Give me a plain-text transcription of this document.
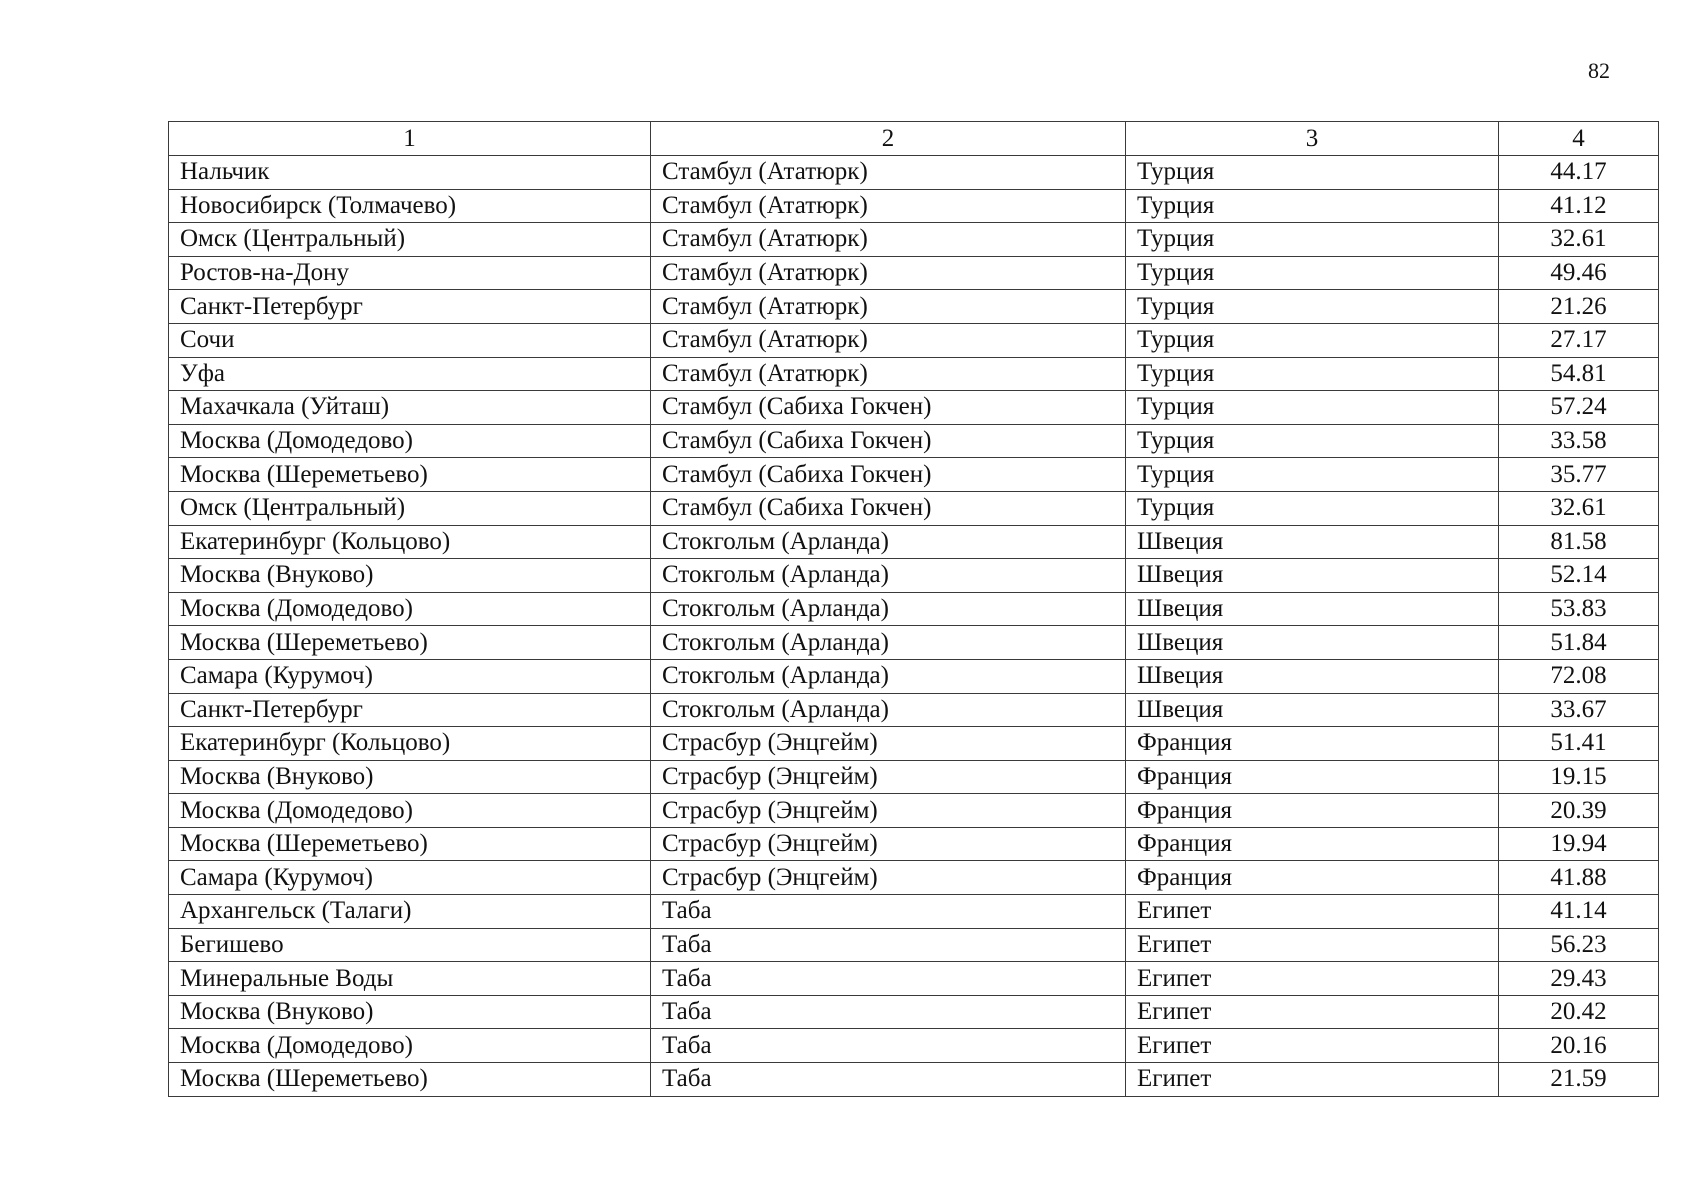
82
1	2	3	4
Нальчик	Стамбул (Ататюрк)	Турция	44.17
Новосибирск (Толмачево)	Стамбул (Ататюрк)	Турция	41.12
Омск (Центральный)	Стамбул (Ататюрк)	Турция	32.61
Ростов-на-Дону	Стамбул (Ататюрк)	Турция	49.46
Санкт-Петербург	Стамбул (Ататюрк)	Турция	21.26
Сочи	Стамбул (Ататюрк)	Турция	27.17
Уфа	Стамбул (Ататюрк)	Турция	54.81
Махачкала (Уйташ)	Стамбул (Сабиха Гокчен)	Турция	57.24
Москва (Домодедово)	Стамбул (Сабиха Гокчен)	Турция	33.58
Москва (Шереметьево)	Стамбул (Сабиха Гокчен)	Турция	35.77
Омск (Центральный)	Стамбул (Сабиха Гокчен)	Турция	32.61
Екатеринбург (Кольцово)	Стокгольм (Арланда)	Швеция	81.58
Москва (Внуково)	Стокгольм (Арланда)	Швеция	52.14
Москва (Домодедово)	Стокгольм (Арланда)	Швеция	53.83
Москва (Шереметьево)	Стокгольм (Арланда)	Швеция	51.84
Самара (Курумоч)	Стокгольм (Арланда)	Швеция	72.08
Санкт-Петербург	Стокгольм (Арланда)	Швеция	33.67
Екатеринбург (Кольцово)	Страсбур (Энцгейм)	Франция	51.41
Москва (Внуково)	Страсбур (Энцгейм)	Франция	19.15
Москва (Домодедово)	Страсбур (Энцгейм)	Франция	20.39
Москва (Шереметьево)	Страсбур (Энцгейм)	Франция	19.94
Самара (Курумоч)	Страсбур (Энцгейм)	Франция	41.88
Архангельск (Талаги)	Таба	Египет	41.14
Бегишево	Таба	Египет	56.23
Минеральные Воды	Таба	Египет	29.43
Москва (Внуково)	Таба	Египет	20.42
Москва (Домодедово)	Таба	Египет	20.16
Москва (Шереметьево)	Таба	Египет	21.59
